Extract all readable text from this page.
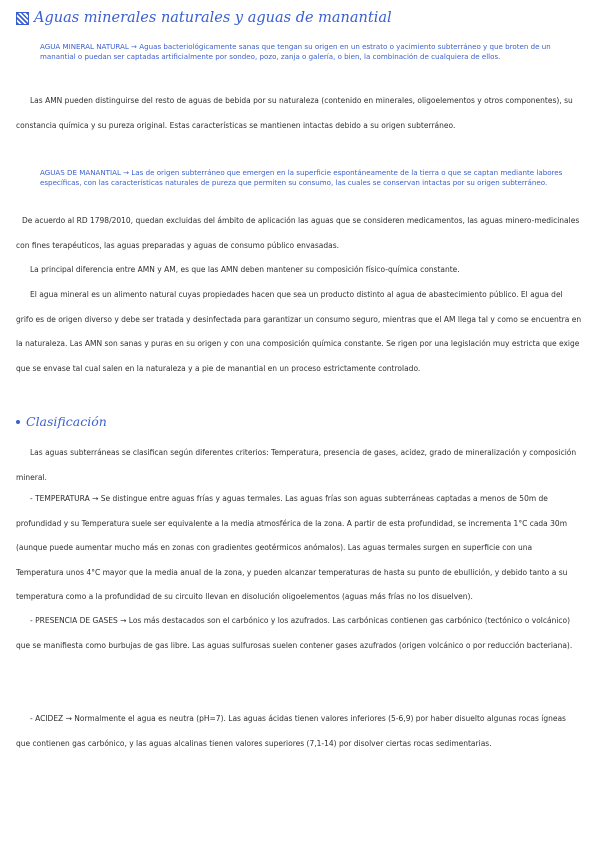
Aguas minerales naturales y aguas de manantial
AGUA MINERAL NATURAL → Aguas bacteriológicamente sanas que tengan su origen en un estrato o yacimiento subterráneo y que broten de un manantial o puedan ser captadas artificialmente por sondeo, pozo, zanja o galería, o bien, la combinación de cualquiera de ellos.
Las AMN pueden distinguirse del resto de aguas de bebida por su naturaleza (contenido en minerales, oligoelementos y otros componentes), su constancia química y su pureza original. Estas características se mantienen intactas debido a su origen subterráneo.
AGUAS DE MANANTIAL → Las de origen subterráneo que emergen en la superficie espontáneamente de la tierra o que se captan mediante labores específicas, con las características naturales de pureza que permiten su consumo, las cuales se conservan intactas por su origen subterráneo.
De acuerdo al RD 1798/2010, quedan excluidas del ámbito de aplicación las aguas que se consideren medicamentos, las aguas minero-medicinales con fines terapéuticos, las aguas preparadas y aguas de consumo público envasadas.
La principal diferencia entre AMN y AM, es que las AMN deben mantener su composición físico-química constante.
El agua mineral es un alimento natural cuyas propiedades hacen que sea un producto distinto al agua de abastecimiento público. El agua del grifo es de origen diverso y debe ser tratada y desinfectada para garantizar un consumo seguro, mientras que el AM llega tal y como se encuentra en la naturaleza. Las AMN son sanas y puras en su origen y con una composición química constante. Se rigen por una legislación muy estricta que exige que se envase tal cual salen en la naturaleza y a pie de manantial en un proceso estrictamente controlado.
Clasificación
Las aguas subterráneas se clasifican según diferentes criterios: Temperatura, presencia de gases, acidez, grado de mineralización y composición mineral.
- TEMPERATURA → Se distingue entre aguas frías y aguas termales. Las aguas frías son aguas subterráneas captadas a menos de 50m de profundidad y su Temperatura suele ser equivalente a la media atmosférica de la zona. A partir de esta profundidad, se incrementa 1°C cada 30m (aunque puede aumentar mucho más en zonas con gradientes geotérmicos anómalos). Las aguas termales surgen en superficie con una Temperatura unos 4°C mayor que la media anual de la zona, y pueden alcanzar temperaturas de hasta su punto de ebullición, y debido tanto a su temperatura como a la profundidad de su circuito llevan en disolución oligoelementos (aguas más frías no los disuelven).
- PRESENCIA DE GASES → Los más destacados son el carbónico y los azufrados. Las carbónicas contienen gas carbónico (tectónico o volcánico) que se manifiesta como burbujas de gas libre. Las aguas sulfurosas suelen contener gases azufrados (origen volcánico o por reducción bacteriana).
- ACIDEZ → Normalmente el agua es neutra (pH=7). Las aguas ácidas tienen valores inferiores (5-6,9) por haber disuelto algunas rocas ígneas que contienen gas carbónico, y las aguas alcalinas tienen valores superiores (7,1-14) por disolver ciertas rocas sedimentarias.
